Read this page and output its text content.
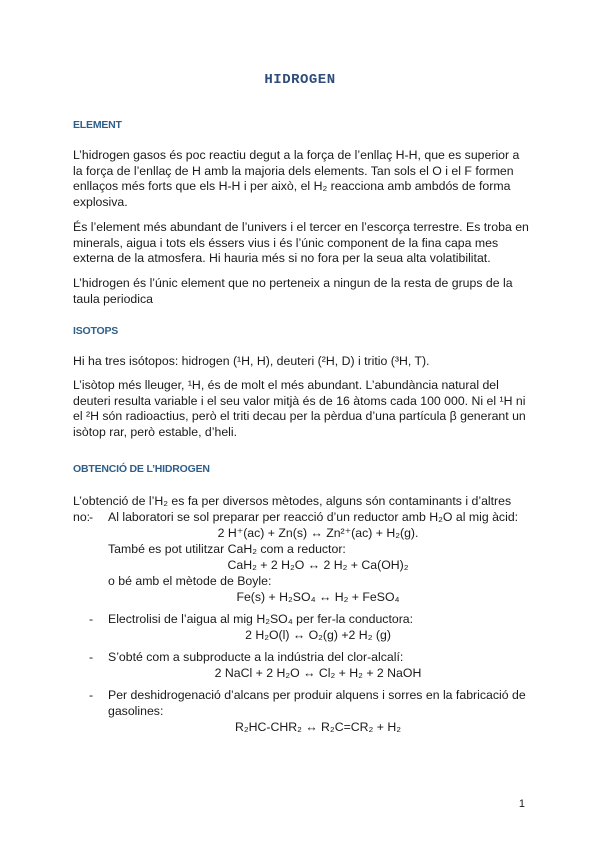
HIDROGEN
ELEMENT
L’hidrogen gasos és poc reactiu degut a la força de l’enllaç H-H, que es superior a la força de l’enllaç de H amb la majoria dels elements. Tan sols el O i el F formen enllaços més forts que els H-H i per això, el H₂ reacciona amb ambdós de forma explosiva.
És l’element més abundant de l’univers i el tercer en l’escorça terrestre. Es troba en minerals, aigua i tots els éssers vius i és l’únic component de la fina capa mes externa de la atmosfera. Hi hauria més si no fora per la seua alta volatibilitat.
L’hidrogen és l’únic element que no perteneix a ningun de la resta de grups de la taula periodica
ISOTOPS
Hi ha tres isótopos: hidrogen (¹H, H), deuteri (²H, D) i tritio (³H, T).
L’isòtop més lleuger, ¹H, és de molt el més abundant. L’abundància natural del deuteri resulta variable i el seu valor mitjà és de 16 àtoms cada 100 000. Ni el ¹H ni el ²H són radioactius, però el triti decau per la pèrdua d’una partícula β generant un isòtop rar, però estable, d’heli.
OBTENCIÓ DE L’HIDROGEN
L’obtenció de l’H₂ es fa per diversos mètodes, alguns són contaminants i d’altres no:
- Al laboratori se sol preparar per reacció d’un reductor amb H₂O al mig àcid:
2 H⁺(ac) + Zn(s) ↔ Zn²⁺(ac) + H₂(g).
També es pot utilitzar CaH₂ com a reductor:
CaH₂ + 2 H₂O ↔ 2 H₂ + Ca(OH)₂
o bé amb el mètode de Boyle:
Fe(s) + H₂SO₄ ↔ H₂ + FeSO₄
- Electrolisi de l’aigua al mig H₂SO₄ per fer-la conductora:
2 H₂O(l) ↔ O₂(g) +2 H₂ (g)
- S’obté com a subproducte a la indústria del clor-alcalí:
2 NaCl + 2 H₂O ↔ Cl₂ + H₂ + 2 NaOH
- Per deshidrogenació d’alcans per produir alquens i sorres en la fabricació de gasolines:
R₂HC-CHR₂ ↔ R₂C=CR₂ + H₂
1
